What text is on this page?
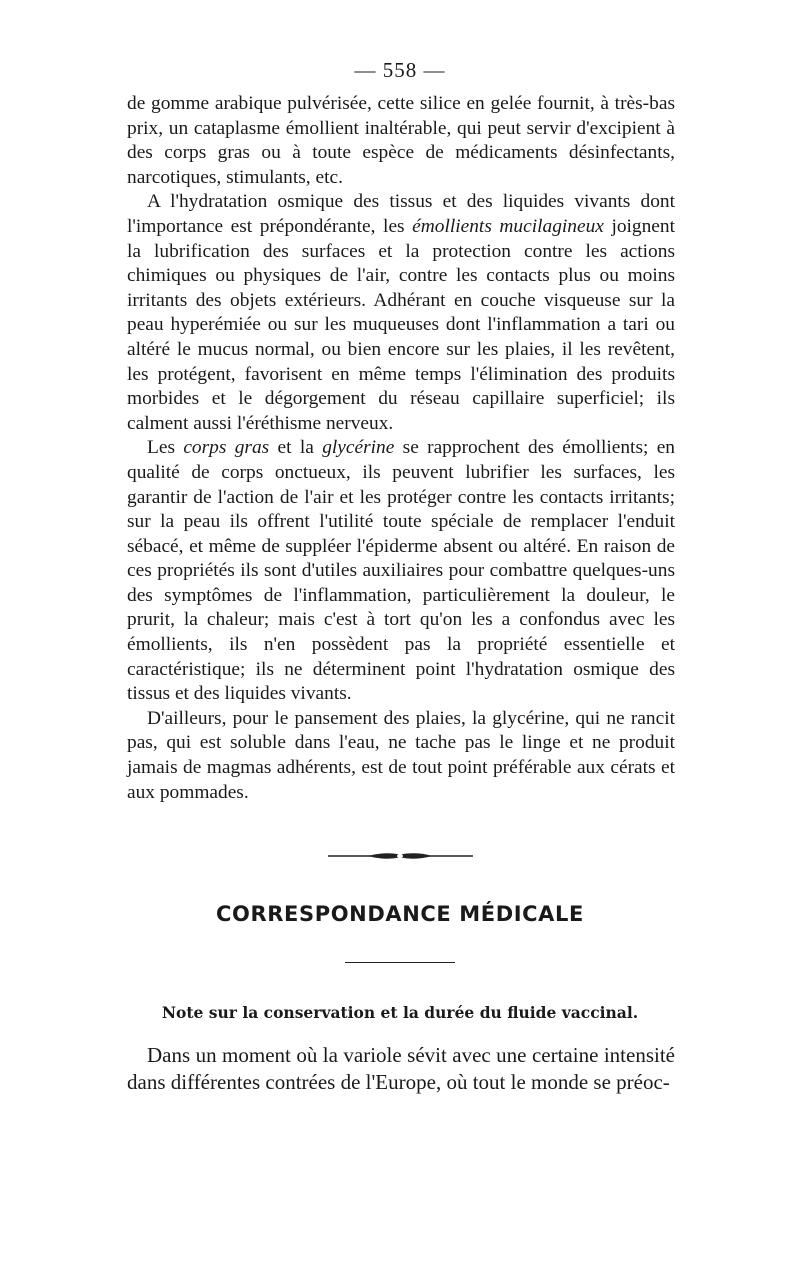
— 558 —

de gomme arabique pulvérisée, cette silice en gelée fournit, à très-bas prix, un cataplasme émollient inaltérable, qui peut servir d'excipient à des corps gras ou à toute espèce de médicaments désinfectants, narcotiques, stimulants, etc.

A l'hydratation osmique des tissus et des liquides vivants dont l'importance est prépondérante, les émollients mucilagineux joignent la lubrification des surfaces et la protection contre les actions chimiques ou physiques de l'air, contre les contacts plus ou moins irritants des objets extérieurs. Adhérant en couche visqueuse sur la peau hyperémiée ou sur les muqueuses dont l'inflammation a tari ou altéré le mucus normal, ou bien encore sur les plaies, il les revêtent, les protégent, favorisent en même temps l'élimination des produits morbides et le dégorgement du réseau capillaire superficiel; ils calment aussi l'éréthisme nerveux.

Les corps gras et la glycérine se rapprochent des émollients; en qualité de corps onctueux, ils peuvent lubrifier les surfaces, les garantir de l'action de l'air et les protéger contre les contacts irritants; sur la peau ils offrent l'utilité toute spéciale de remplacer l'enduit sébacé, et même de suppléer l'épiderme absent ou altéré. En raison de ces propriétés ils sont d'utiles auxiliaires pour combattre quelques-uns des symptômes de l'inflammation, particulièrement la douleur, le prurit, la chaleur; mais c'est à tort qu'on les a confondus avec les émollients, ils n'en possèdent pas la propriété essentielle et caractéristique; ils ne déterminent point l'hydratation osmique des tissus et des liquides vivants.

D'ailleurs, pour le pansement des plaies, la glycérine, qui ne rancit pas, qui est soluble dans l'eau, ne tache pas le linge et ne produit jamais de magmas adhérents, est de tout point préférable aux cérats et aux pommades.

CORRESPONDANCE MÉDICALE
Note sur la conservation et la durée du fluide vaccinal.

Dans un moment où la variole sévit avec une certaine intensité dans différentes contrées de l'Europe, où tout le monde se préoc-
